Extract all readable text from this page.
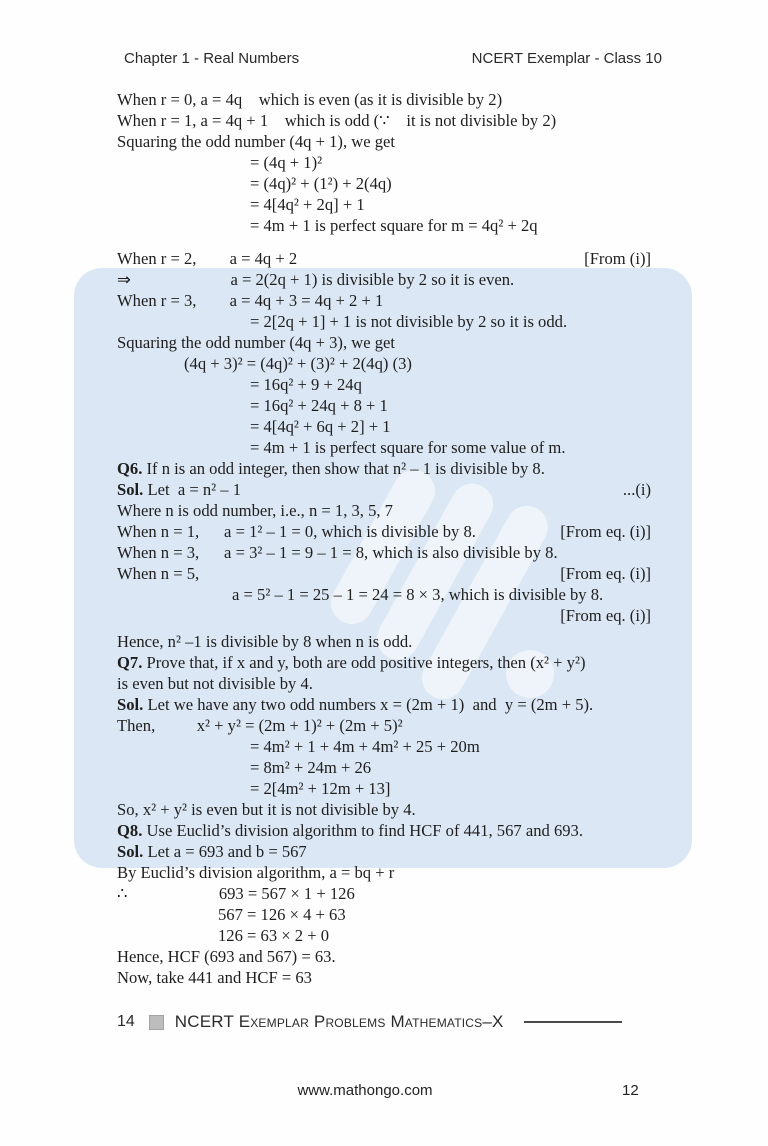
Chapter 1 - Real Numbers	NCERT Exemplar - Class 10
When r = 0, a = 4q    which is even (as it is divisible by 2)
When r = 1, a = 4q + 1    which is odd (∵    it is not divisible by 2)
Squaring the odd number (4q + 1), we get
= (4q + 1)²
= (4q)² + (1²) + 2(4q)
= 4[4q² + 2q] + 1
= 4m + 1 is perfect square for m = 4q² + 2q
When r = 2,        a = 4q + 2	[From (i)]
⇒                        a = 2(2q + 1) is divisible by 2 so it is even.
When r = 3,        a = 4q + 3 = 4q + 2 + 1
= 2[2q + 1] + 1 is not divisible by 2 so it is odd.
Squaring the odd number (4q + 3), we get
(4q + 3)² = (4q)² + (3)² + 2(4q) (3)
= 16q² + 9 + 24q
= 16q² + 24q + 8 + 1
= 4[4q² + 6q + 2] + 1
= 4m + 1 is perfect square for some value of m.
Q6. If n is an odd integer, then show that n² – 1 is divisible by 8.
Sol. Let  a = n² – 1	...(i)
Where n is odd number, i.e., n = 1, 3, 5, 7
When n = 1,      a = 1² – 1 = 0, which is divisible by 8.	[From eq. (i)]
When n = 3,      a = 3² – 1 = 9 – 1 = 8, which is also divisible by 8.
When n = 5,	[From eq. (i)]
a = 5² – 1 = 25 – 1 = 24 = 8 × 3, which is divisible by 8.
[From eq. (i)]
Hence, n² –1 is divisible by 8 when n is odd.
Q7. Prove that, if x and y, both are odd positive integers, then (x² + y²)
is even but not divisible by 4.
Sol. Let we have any two odd numbers x = (2m + 1)  and  y = (2m + 5).
Then,          x² + y² = (2m + 1)² + (2m + 5)²
= 4m² + 1 + 4m + 4m² + 25 + 20m
= 8m² + 24m + 26
= 2[4m² + 12m + 13]
So, x² + y² is even but it is not divisible by 4.
Q8. Use Euclid’s division algorithm to find HCF of 441, 567 and 693.
Sol. Let a = 693 and b = 567
By Euclid’s division algorithm, a = bq + r
∴                      693 = 567 × 1 + 126
567 = 126 × 4 + 63
126 = 63 × 2 + 0
Hence, HCF (693 and 567) = 63.
Now, take 441 and HCF = 63
14 NCERT Exemplar Problems Mathematics–X
www.mathongo.com	12
